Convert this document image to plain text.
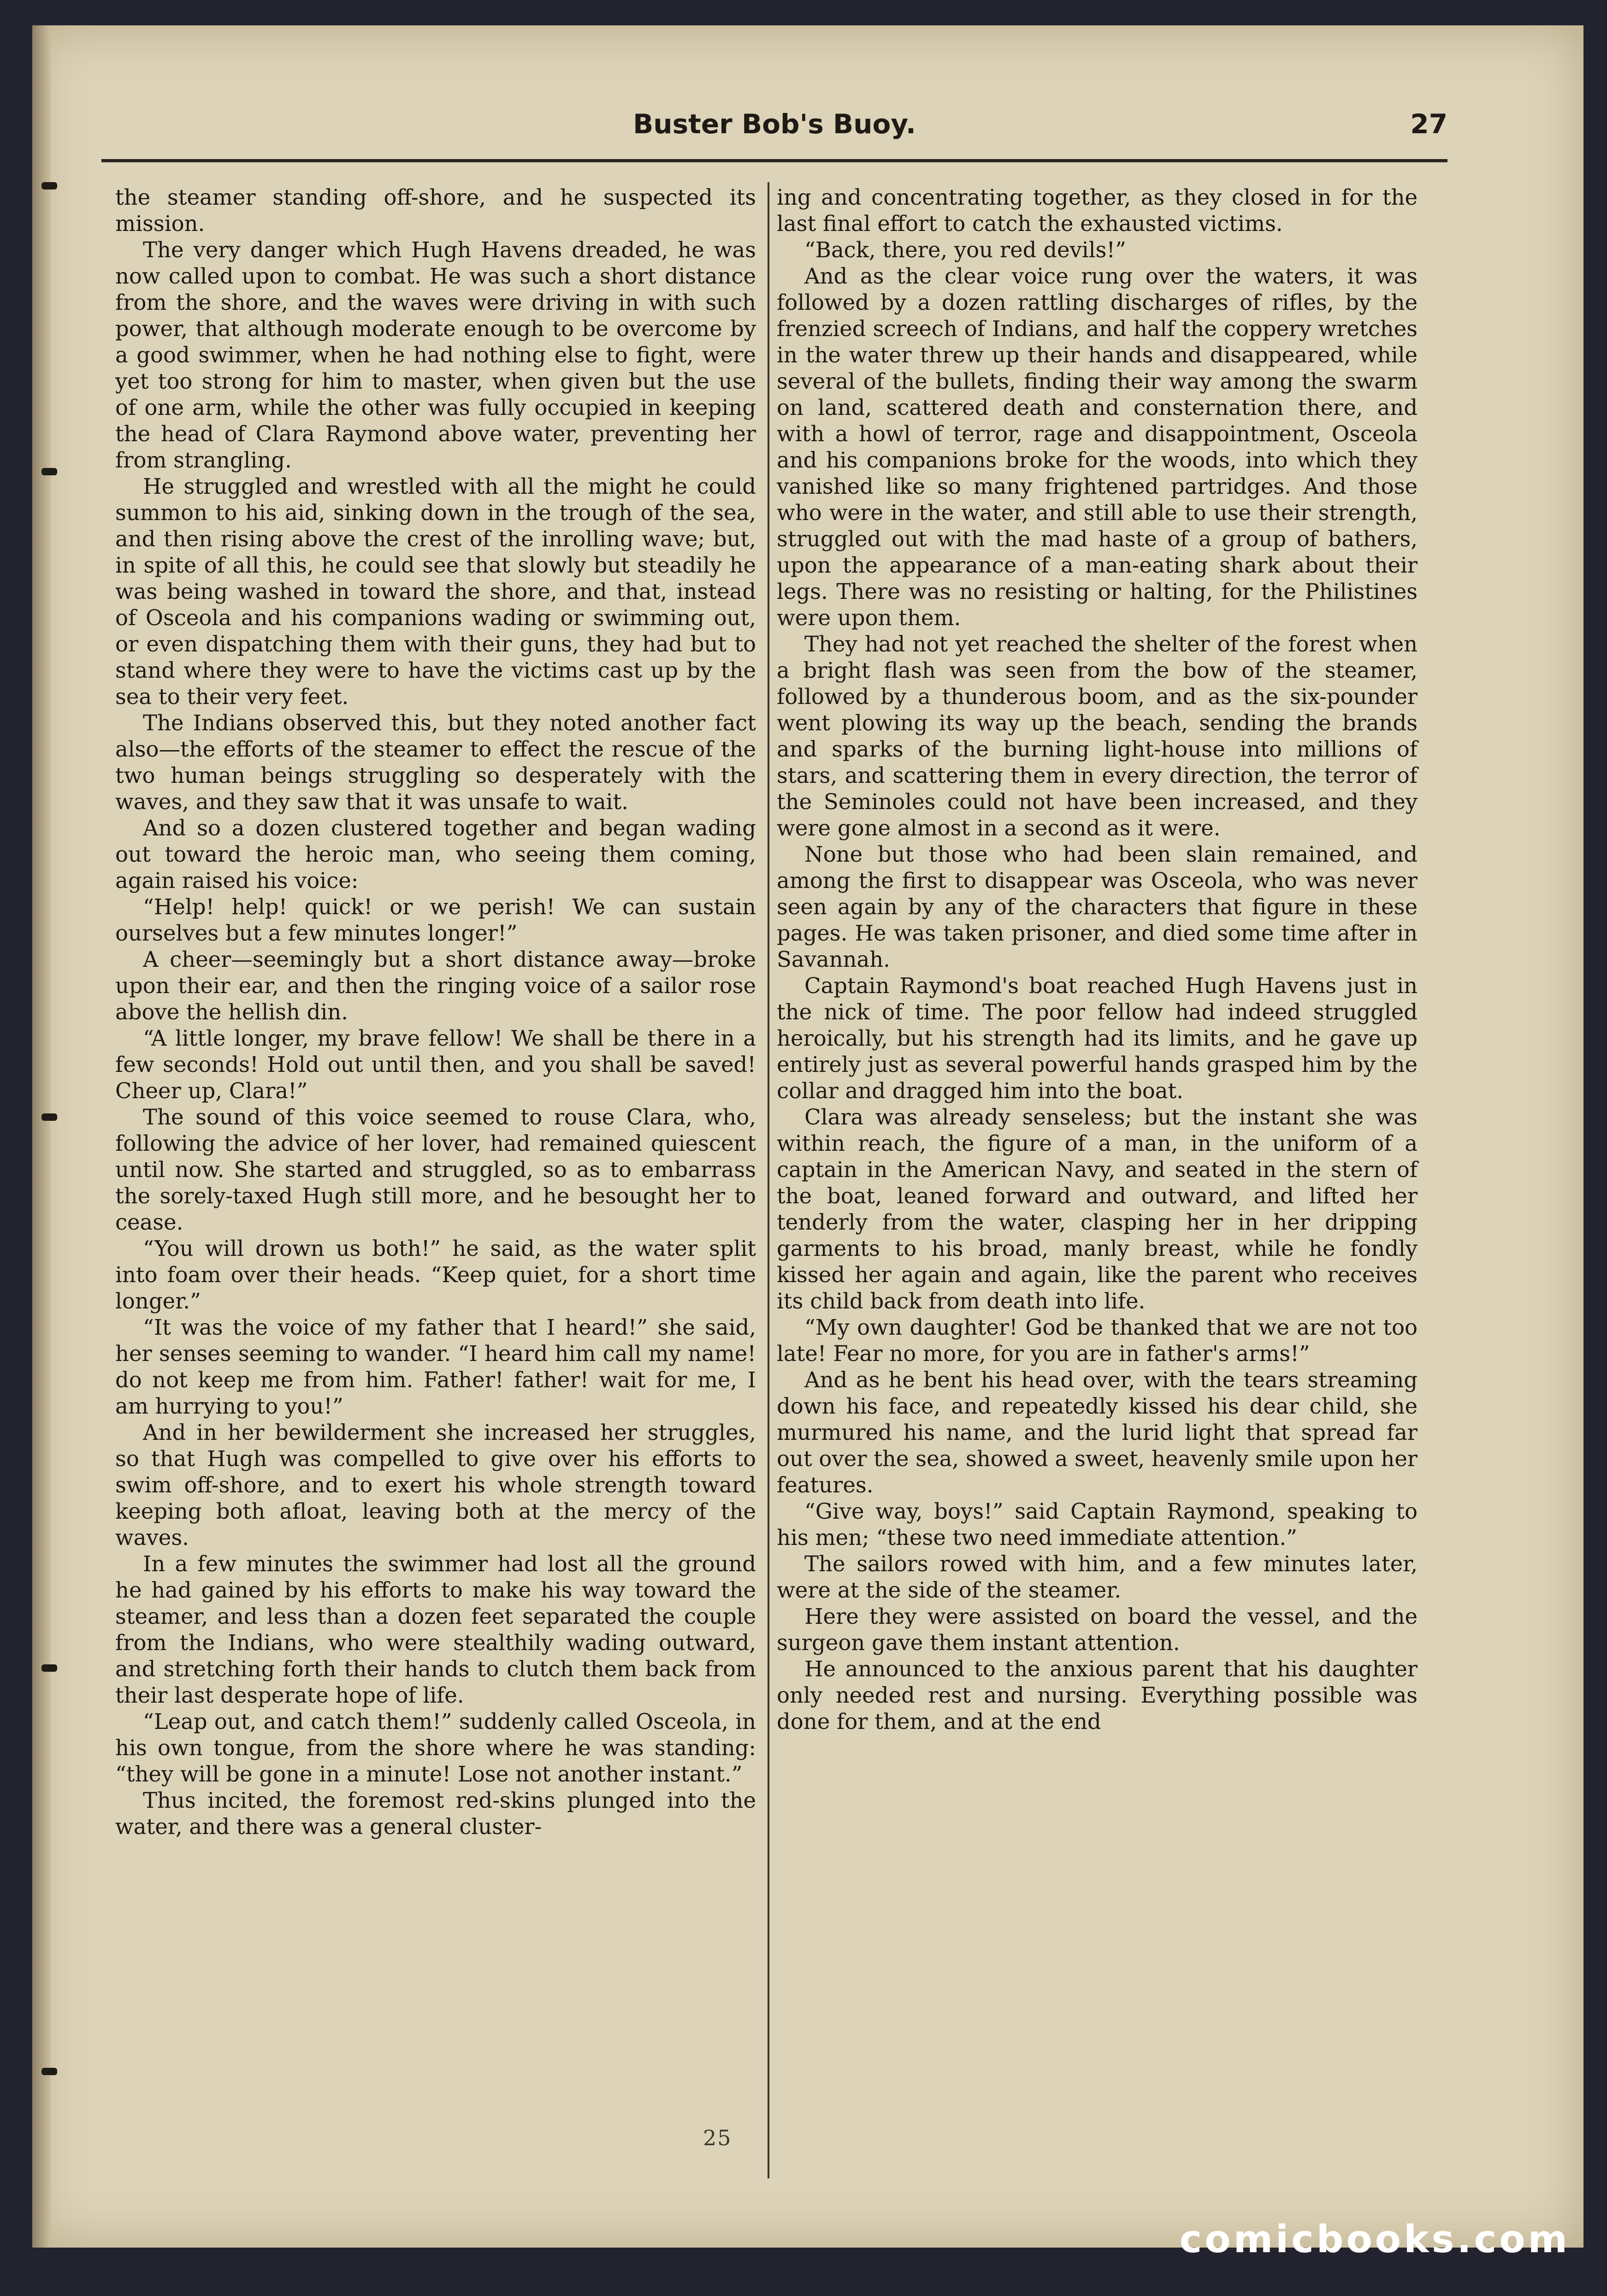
Buster Bob's Buoy.	27

the steamer standing off-shore, and he suspected its mission.

The very danger which Hugh Havens dreaded, he was now called upon to combat. He was such a short distance from the shore, and the waves were driving in with such power, that although moderate enough to be overcome by a good swimmer, when he had nothing else to fight, were yet too strong for him to master, when given but the use of one arm, while the other was fully occupied in keeping the head of Clara Raymond above water, preventing her from strangling.

He struggled and wrestled with all the might he could summon to his aid, sinking down in the trough of the sea, and then rising above the crest of the inrolling wave; but, in spite of all this, he could see that slowly but steadily he was being washed in toward the shore, and that, instead of Osceola and his companions wading or swimming out, or even dispatching them with their guns, they had but to stand where they were to have the victims cast up by the sea to their very feet.

The Indians observed this, but they noted another fact also—the efforts of the steamer to effect the rescue of the two human beings struggling so desperately with the waves, and they saw that it was unsafe to wait.

And so a dozen clustered together and began wading out toward the heroic man, who seeing them coming, again raised his voice:

“Help! help! quick! or we perish! We can sustain ourselves but a few minutes longer!”

A cheer—seemingly but a short distance away—broke upon their ear, and then the ringing voice of a sailor rose above the hellish din.

“A little longer, my brave fellow! We shall be there in a few seconds! Hold out until then, and you shall be saved! Cheer up, Clara!”

The sound of this voice seemed to rouse Clara, who, following the advice of her lover, had remained quiescent until now. She started and struggled, so as to embarrass the sorely-taxed Hugh still more, and he besought her to cease.

“You will drown us both!” he said, as the water split into foam over their heads. “Keep quiet, for a short time longer.”

“It was the voice of my father that I heard!” she said, her senses seeming to wander. “I heard him call my name! do not keep me from him. Father! father! wait for me, I am hurrying to you!”

And in her bewilderment she increased her struggles, so that Hugh was compelled to give over his efforts to swim off-shore, and to exert his whole strength toward keeping both afloat, leaving both at the mercy of the waves.

In a few minutes the swimmer had lost all the ground he had gained by his efforts to make his way toward the steamer, and less than a dozen feet separated the couple from the Indians, who were stealthily wading outward, and stretching forth their hands to clutch them back from their last desperate hope of life.

“Leap out, and catch them!” suddenly called Osceola, in his own tongue, from the shore where he was standing: “they will be gone in a minute! Lose not another instant.”

Thus incited, the foremost red-skins plunged into the water, and there was a general cluster-

ing and concentrating together, as they closed in for the last final effort to catch the exhausted victims.

“Back, there, you red devils!”

And as the clear voice rung over the waters, it was followed by a dozen rattling discharges of rifles, by the frenzied screech of Indians, and half the coppery wretches in the water threw up their hands and disappeared, while several of the bullets, finding their way among the swarm on land, scattered death and consternation there, and with a howl of terror, rage and disappointment, Osceola and his companions broke for the woods, into which they vanished like so many frightened partridges. And those who were in the water, and still able to use their strength, struggled out with the mad haste of a group of bathers, upon the appearance of a man-eating shark about their legs. There was no resisting or halting, for the Philistines were upon them.

They had not yet reached the shelter of the forest when a bright flash was seen from the bow of the steamer, followed by a thunderous boom, and as the six-pounder went plowing its way up the beach, sending the brands and sparks of the burning light-house into millions of stars, and scattering them in every direction, the terror of the Seminoles could not have been increased, and they were gone almost in a second as it were.

None but those who had been slain remained, and among the first to disappear was Osceola, who was never seen again by any of the characters that figure in these pages. He was taken prisoner, and died some time after in Savannah.

Captain Raymond's boat reached Hugh Havens just in the nick of time. The poor fellow had indeed struggled heroically, but his strength had its limits, and he gave up entirely just as several powerful hands grasped him by the collar and dragged him into the boat.

Clara was already senseless; but the instant she was within reach, the figure of a man, in the uniform of a captain in the American Navy, and seated in the stern of the boat, leaned forward and outward, and lifted her tenderly from the water, clasping her in her dripping garments to his broad, manly breast, while he fondly kissed her again and again, like the parent who receives its child back from death into life.

“My own daughter! God be thanked that we are not too late! Fear no more, for you are in father's arms!”

And as he bent his head over, with the tears streaming down his face, and repeatedly kissed his dear child, she murmured his name, and the lurid light that spread far out over the sea, showed a sweet, heavenly smile upon her features.

“Give way, boys!” said Captain Raymond, speaking to his men; “these two need immediate attention.”

The sailors rowed with him, and a few minutes later, were at the side of the steamer.

Here they were assisted on board the vessel, and the surgeon gave them instant attention.

He announced to the anxious parent that his daughter only needed rest and nursing. Everything possible was done for them, and at the end

25
comicbooks.com
